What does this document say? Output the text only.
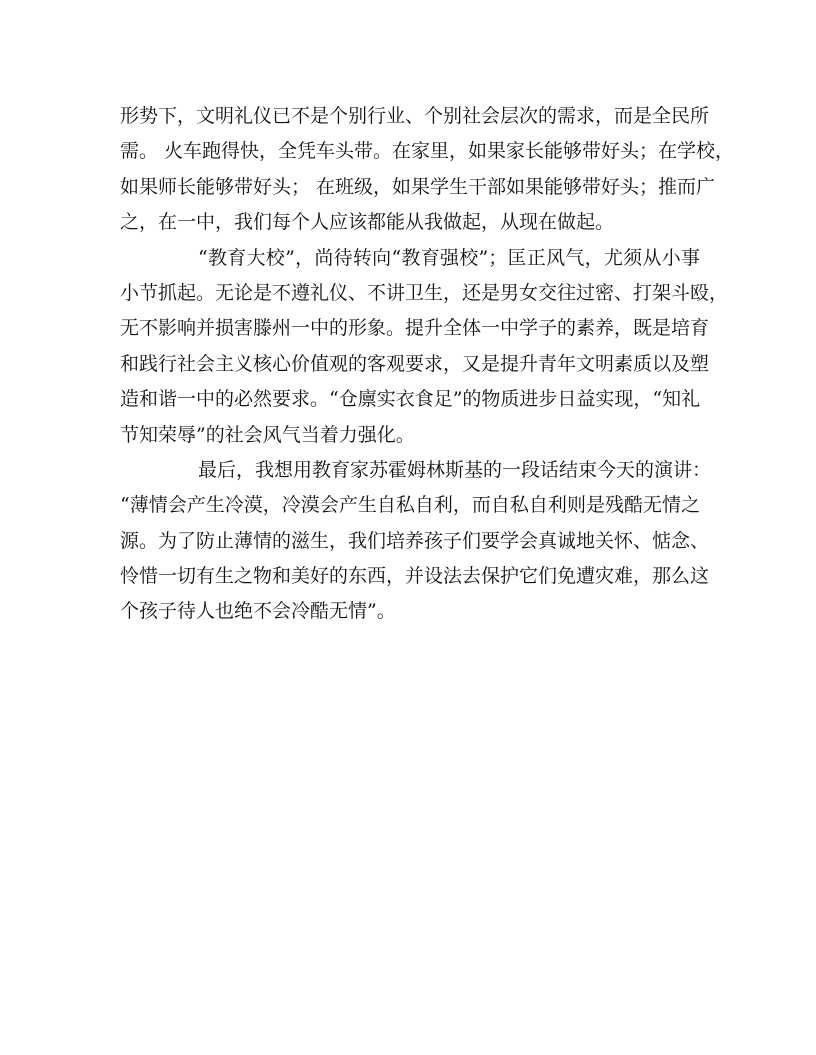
形势下，文明礼仪已不是个别行业、个别社会层次的需求，而是全民所
需。 火车跑得快，全凭车头带。在家里，如果家长能够带好头；在学校，
如果师长能够带好头； 在班级，如果学生干部如果能够带好头；推而广
之，在一中，我们每个人应该都能从我做起，从现在做起。
“教育大校”，尚待转向“教育强校”；匡正风气，尤须从小事
小节抓起。无论是不遵礼仪、不讲卫生，还是男女交往过密、打架斗殴，
无不影响并损害滕州一中的形象。提升全体一中学子的素养，既是培育
和践行社会主义核心价值观的客观要求，又是提升青年文明素质以及塑
造和谐一中的必然要求。“仓廪实衣食足”的物质进步日益实现，“知礼
节知荣辱”的社会风气当着力强化。
最后，我想用教育家苏霍姆林斯基的一段话结束今天的演讲：
“薄情会产生冷漠，冷漠会产生自私自利，而自私自利则是残酷无情之
源。为了防止薄情的滋生，我们培养孩子们要学会真诚地关怀、惦念、
怜惜一切有生之物和美好的东西，并设法去保护它们免遭灾难，那么这
个孩子待人也绝不会冷酷无情”。
